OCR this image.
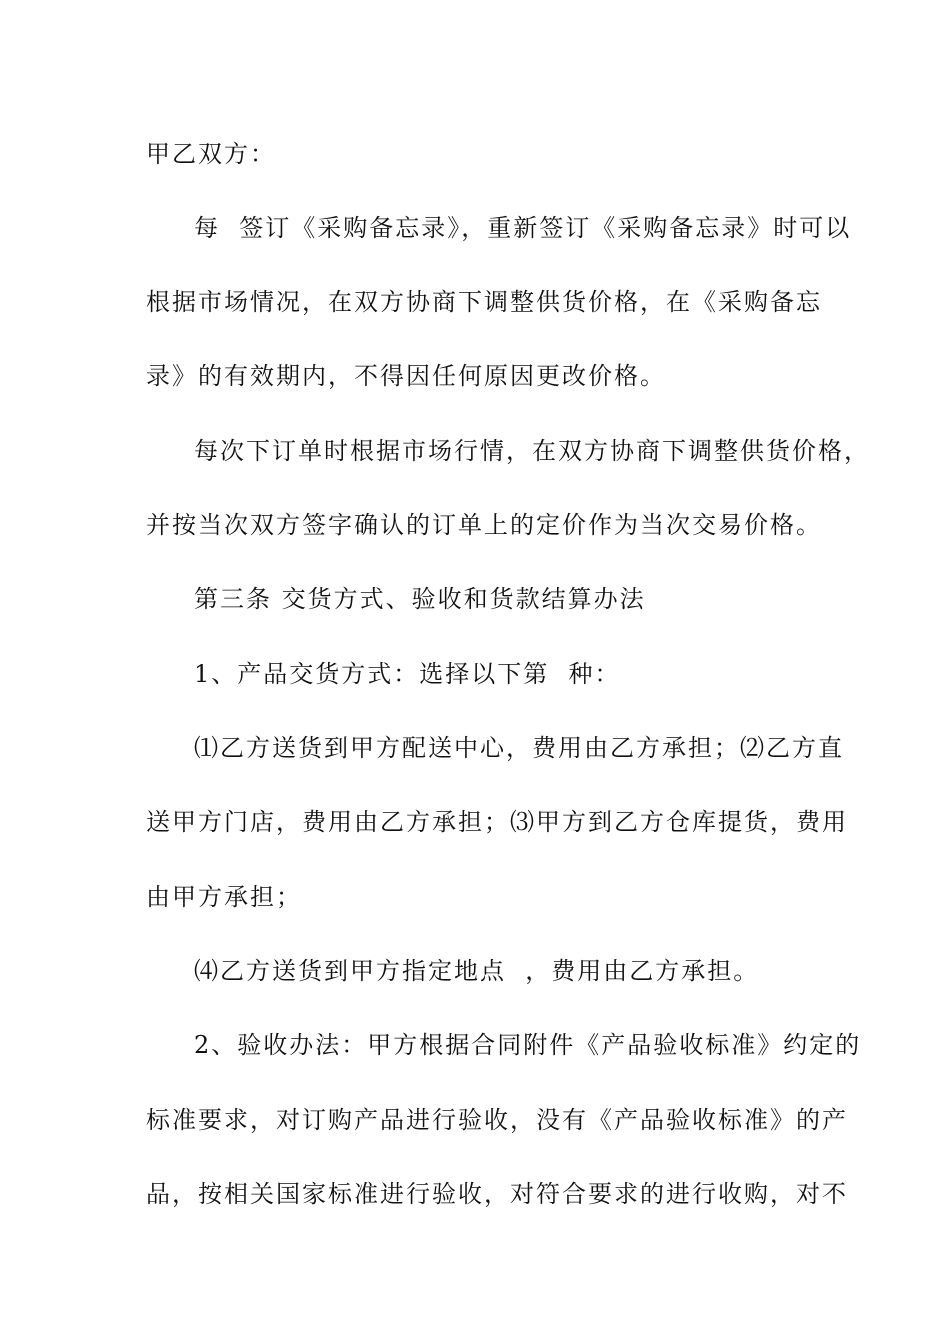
甲乙双方：
每  签订《采购备忘录》，重新签订《采购备忘录》时可以
根据市场情况，在双方协商下调整供货价格，在《采购备忘
录》的有效期内，不得因任何原因更改价格。
每次下订单时根据市场行情，在双方协商下调整供货价格，
并按当次双方签字确认的订单上的定价作为当次交易价格。
第三条 交货方式、验收和货款结算办法
1、产品交货方式：选择以下第  种：
⑴乙方送货到甲方配送中心，费用由乙方承担；⑵乙方直
送甲方门店，费用由乙方承担；⑶甲方到乙方仓库提货，费用
由甲方承担；
⑷乙方送货到甲方指定地点  ，费用由乙方承担。
2、验收办法：甲方根据合同附件《产品验收标准》约定的
标准要求，对订购产品进行验收，没有《产品验收标准》的产
品，按相关国家标准进行验收，对符合要求的进行收购，对不
